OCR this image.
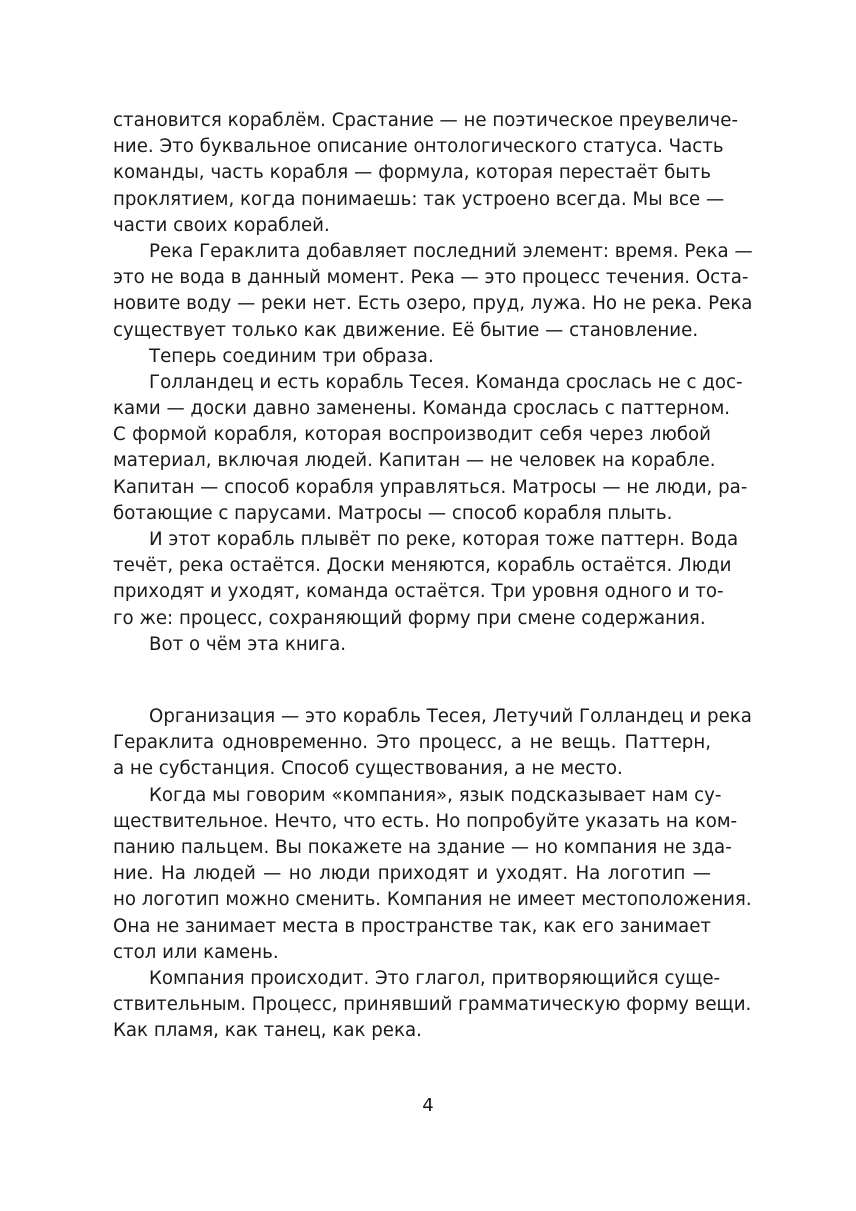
становится кораблём. Срастание — не поэтическое преувеличе-
ние. Это буквальное описание онтологического статуса. Часть
команды, часть корабля — формула, которая перестаёт быть
проклятием, когда понимаешь: так устроено всегда. Мы все —
части своих кораблей.
Река Гераклита добавляет последний элемент: время. Река —
это не вода в данный момент. Река — это процесс течения. Оста-
новите воду — реки нет. Есть озеро, пруд, лужа. Но не река. Река
существует только как движение. Её бытие — становление.
Теперь соединим три образа.
Голландец и есть корабль Тесея. Команда срослась не с дос-
ками — доски давно заменены. Команда срослась с паттерном.
С формой корабля, которая воспроизводит себя через любой
материал, включая людей. Капитан — не человек на корабле.
Капитан — способ корабля управляться. Матросы — не люди, ра-
ботающие с парусами. Матросы — способ корабля плыть.
И этот корабль плывёт по реке, которая тоже паттерн. Вода
течёт, река остаётся. Доски меняются, корабль остаётся. Люди
приходят и уходят, команда остаётся. Три уровня одного и то-
го же: процесс, сохраняющий форму при смене содержания.
Вот о чём эта книга.
Организация — это корабль Тесея, Летучий Голландец и река
Гераклита одновременно. Это процесс, а не вещь. Паттерн,
а не субстанция. Способ существования, а не место.
Когда мы говорим «компания», язык подсказывает нам су-
ществительное. Нечто, что есть. Но попробуйте указать на ком-
панию пальцем. Вы покажете на здание — но компания не зда-
ние. На людей — но люди приходят и уходят. На логотип —
но логотип можно сменить. Компания не имеет местоположения.
Она не занимает места в пространстве так, как его занимает
стол или камень.
Компания происходит. Это глагол, притворяющийся суще-
ствительным. Процесс, принявший грамматическую форму вещи.
Как пламя, как танец, как река.
4
